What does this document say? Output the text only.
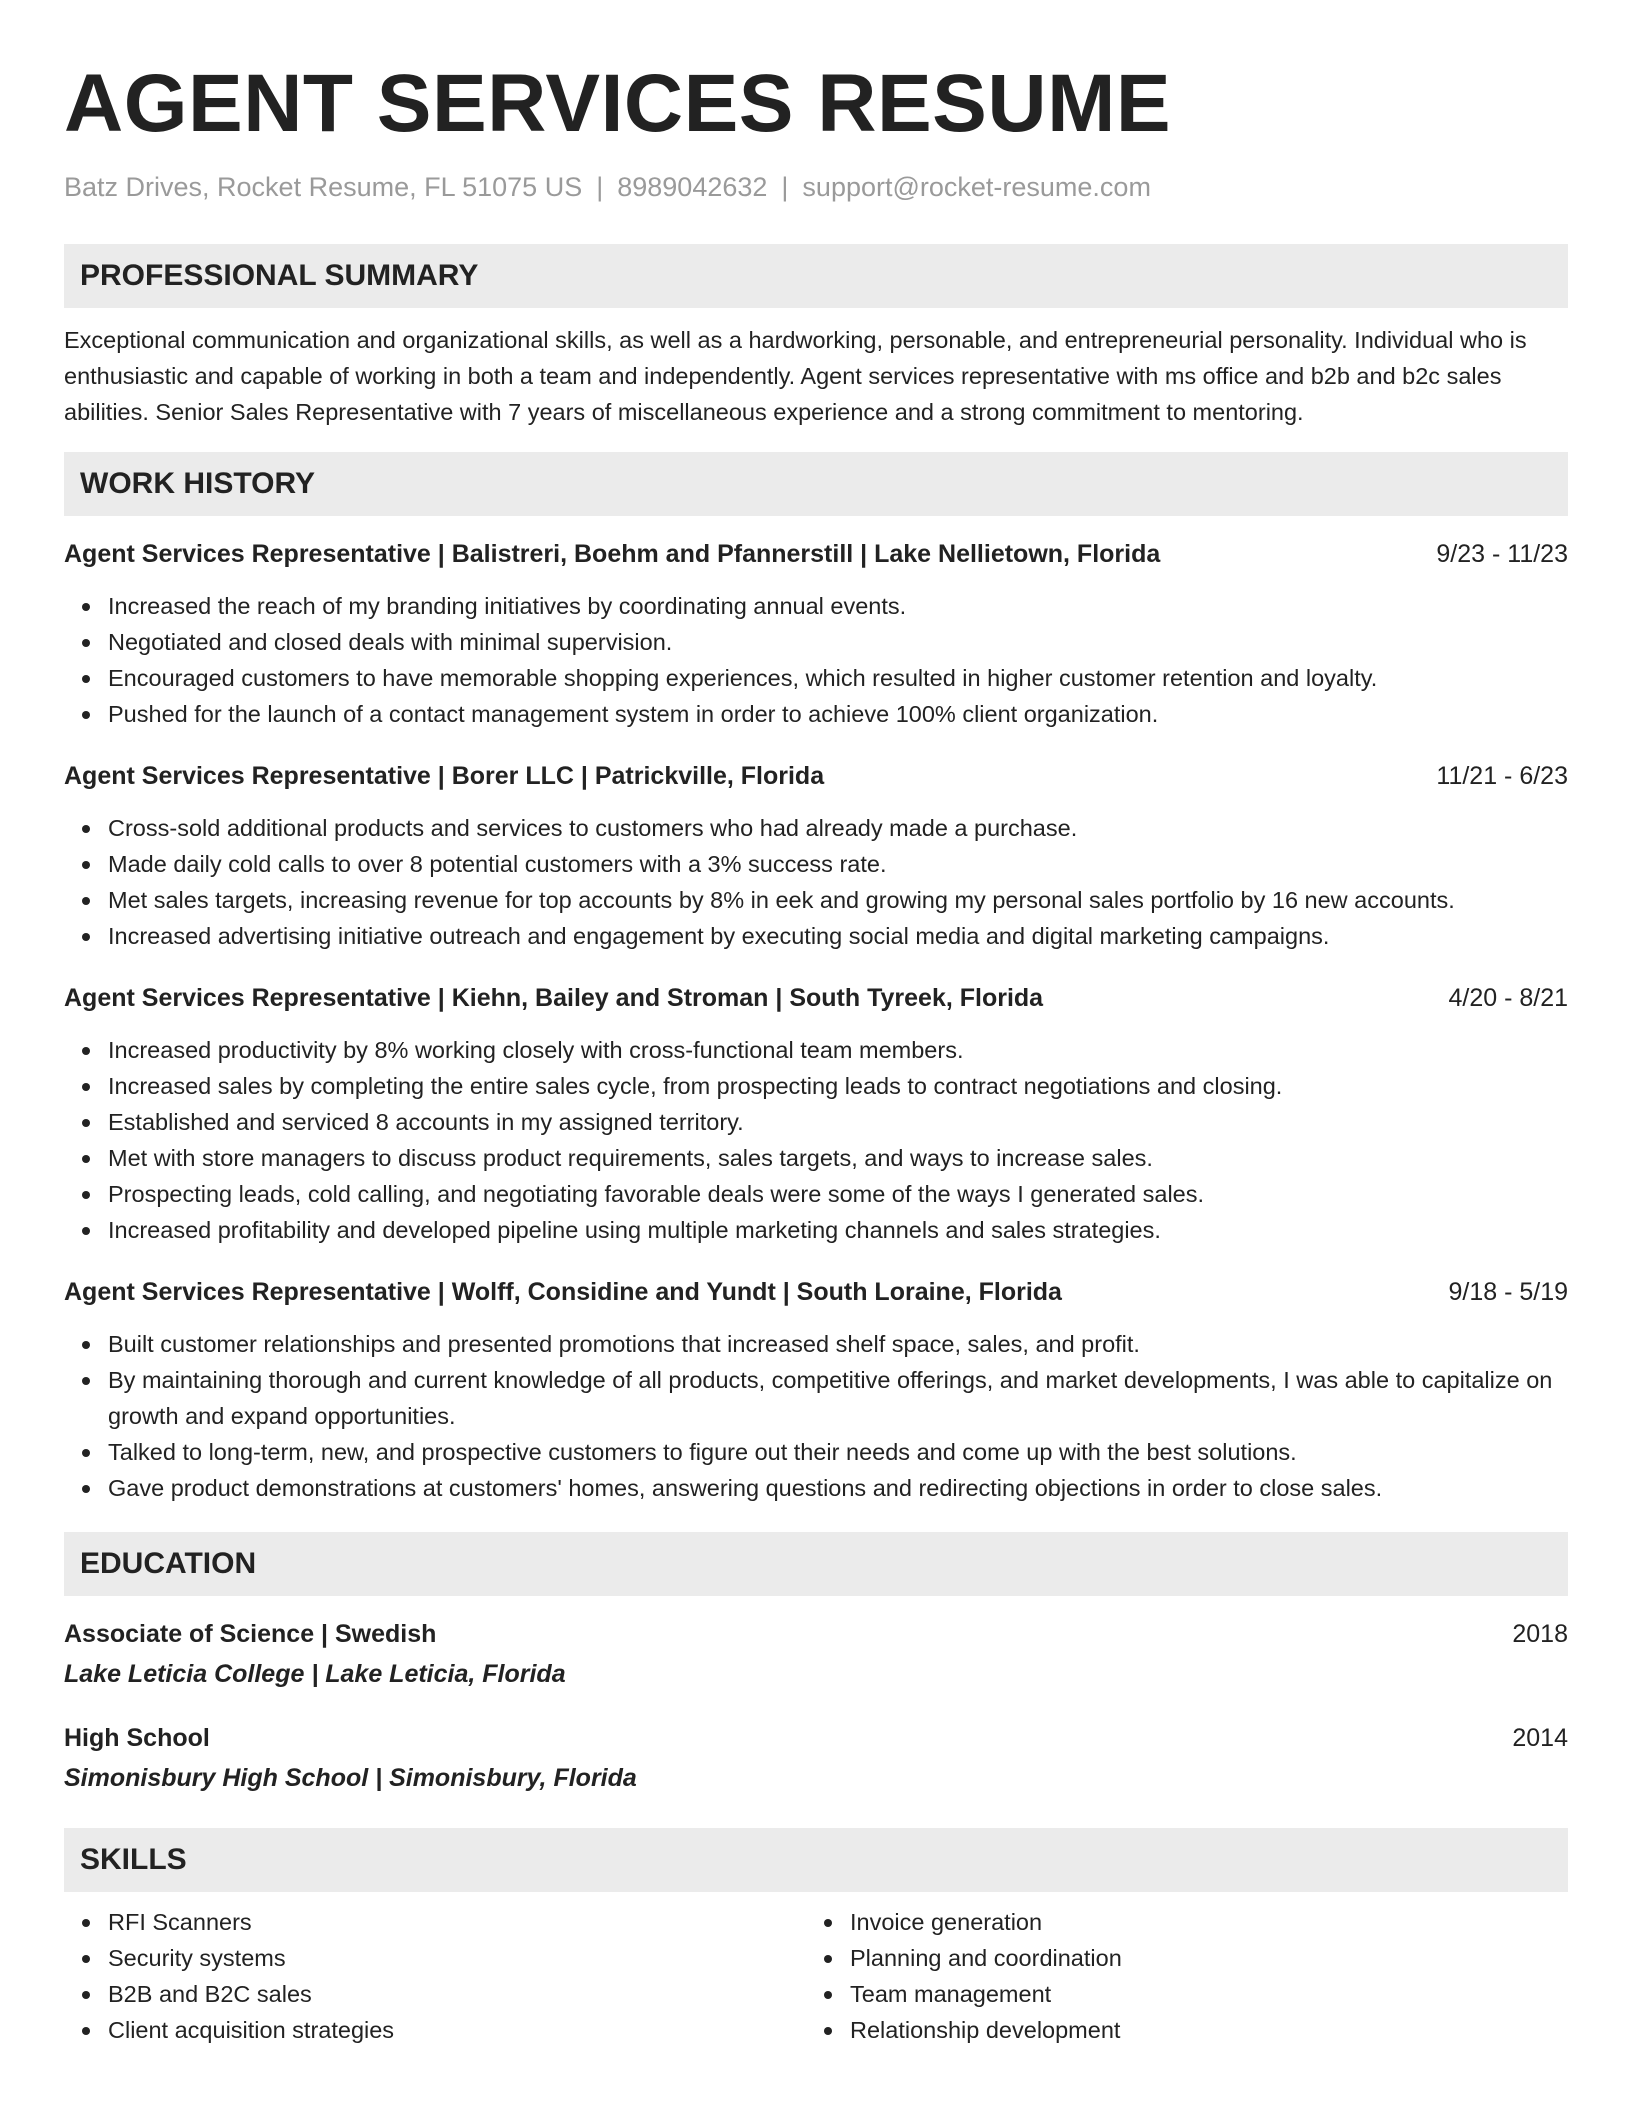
AGENT SERVICES RESUME
Batz Drives, Rocket Resume, FL 51075 US | 8989042632 | support@rocket-resume.com
PROFESSIONAL SUMMARY

Exceptional communication and organizational skills, as well as a hardworking, personable, and entrepreneurial personality. Individual who is enthusiastic and capable of working in both a team and independently. Agent services representative with ms office and b2b and b2c sales abilities. Senior Sales Representative with 7 years of miscellaneous experience and a strong commitment to mentoring.

WORK HISTORY
Agent Services Representative | Balistreri, Boehm and Pfannerstill | Lake Nellietown, Florida	9/23 - 11/23
Increased the reach of my branding initiatives by coordinating annual events.
Negotiated and closed deals with minimal supervision.
Encouraged customers to have memorable shopping experiences, which resulted in higher customer retention and loyalty.
Pushed for the launch of a contact management system in order to achieve 100% client organization.
Agent Services Representative | Borer LLC | Patrickville, Florida	11/21 - 6/23
Cross-sold additional products and services to customers who had already made a purchase.
Made daily cold calls to over 8 potential customers with a 3% success rate.
Met sales targets, increasing revenue for top accounts by 8% in eek and growing my personal sales portfolio by 16 new accounts.
Increased advertising initiative outreach and engagement by executing social media and digital marketing campaigns.
Agent Services Representative | Kiehn, Bailey and Stroman | South Tyreek, Florida	4/20 - 8/21
Increased productivity by 8% working closely with cross-functional team members.
Increased sales by completing the entire sales cycle, from prospecting leads to contract negotiations and closing.
Established and serviced 8 accounts in my assigned territory.
Met with store managers to discuss product requirements, sales targets, and ways to increase sales.
Prospecting leads, cold calling, and negotiating favorable deals were some of the ways I generated sales.
Increased profitability and developed pipeline using multiple marketing channels and sales strategies.
Agent Services Representative | Wolff, Considine and Yundt | South Loraine, Florida	9/18 - 5/19
Built customer relationships and presented promotions that increased shelf space, sales, and profit.
By maintaining thorough and current knowledge of all products, competitive offerings, and market developments, I was able to capitalize on growth and expand opportunities.
Talked to long-term, new, and prospective customers to figure out their needs and come up with the best solutions.
Gave product demonstrations at customers' homes, answering questions and redirecting objections in order to close sales.
EDUCATION
Associate of Science | Swedish	2018
Lake Leticia College | Lake Leticia, Florida
High School	2014
Simonisbury High School | Simonisbury, Florida
SKILLS
RFI Scanners
Security systems
B2B and B2C sales
Client acquisition strategies
Invoice generation
Planning and coordination
Team management
Relationship development
